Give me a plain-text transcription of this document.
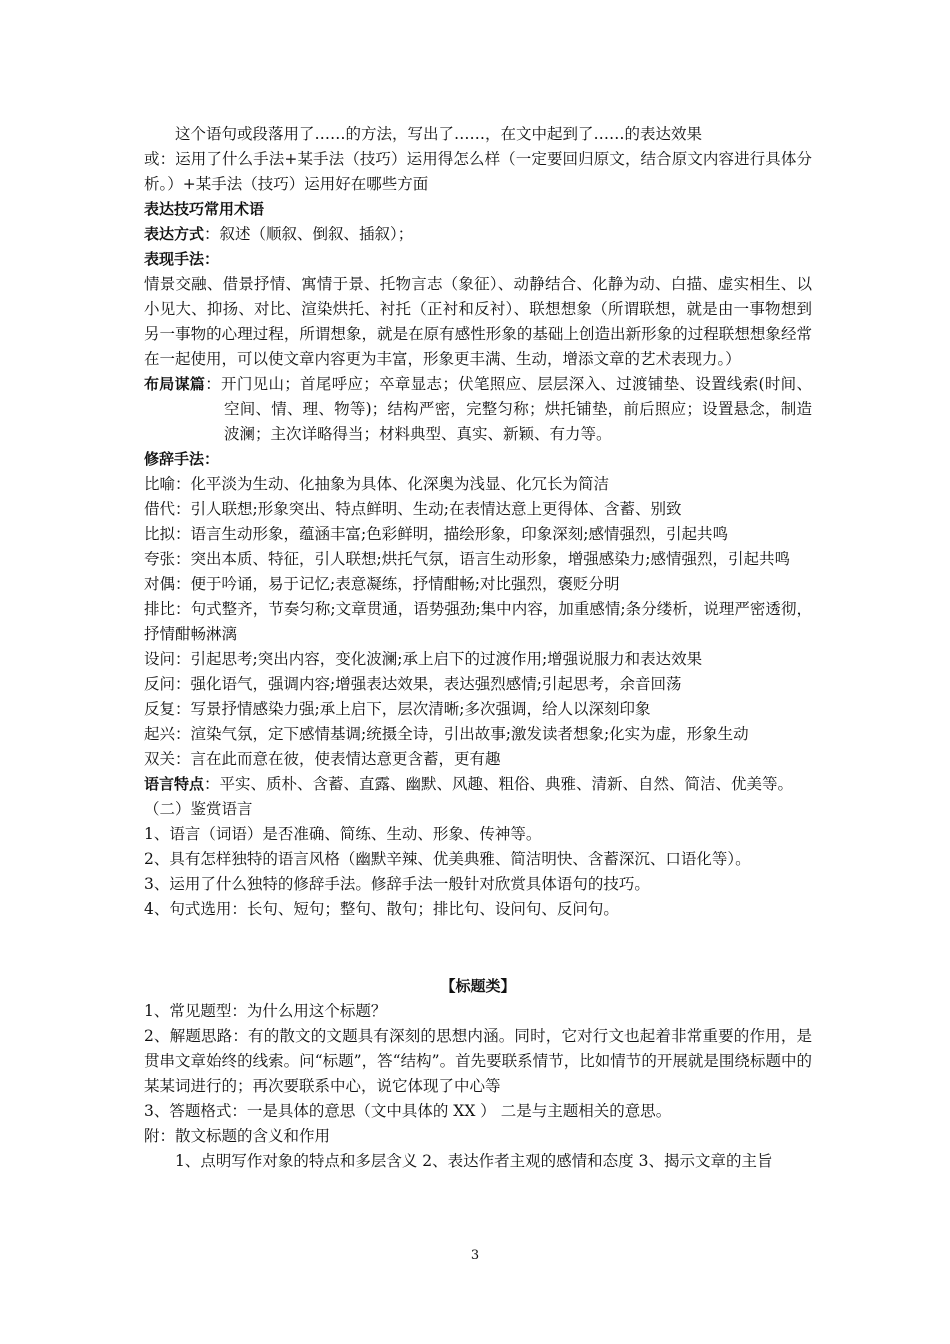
这个语句或段落用了……的方法，写出了……，在文中起到了……的表达效果

或：运用了什么手法+某手法（技巧）运用得怎么样（一定要回归原文，结合原文内容进行具体分析。）+某手法（技巧）运用好在哪些方面

表达技巧常用术语

表达方式：叙述（顺叙、倒叙、插叙）；

表现手法：

情景交融、借景抒情、寓情于景、托物言志（象征）、动静结合、化静为动、白描、虚实相生、以小见大、抑扬、对比、渲染烘托、衬托（正衬和反衬）、联想想象（所谓联想，就是由一事物想到另一事物的心理过程，所谓想象，就是在原有感性形象的基础上创造出新形象的过程联想想象经常在一起使用，可以使文章内容更为丰富，形象更丰满、生动，增添文章的艺术表现力。）

布局谋篇：开门见山；首尾呼应；卒章显志；伏笔照应、层层深入、过渡铺垫、设置线索(时间、空间、情、理、物等)；结构严密，完整匀称；烘托铺垫，前后照应；设置悬念，制造波澜；主次详略得当；材料典型、真实、新颖、有力等。

修辞手法：

比喻：化平淡为生动、化抽象为具体、化深奥为浅显、化冗长为简洁

借代：引人联想;形象突出、特点鲜明、生动;在表情达意上更得体、含蓄、别致

比拟：语言生动形象，蕴涵丰富;色彩鲜明，描绘形象，印象深刻;感情强烈，引起共鸣

夸张：突出本质、特征，引人联想;烘托气氛，语言生动形象，增强感染力;感情强烈，引起共鸣

对偶：便于吟诵，易于记忆;表意凝练，抒情酣畅;对比强烈，褒贬分明

排比：句式整齐，节奏匀称;文章贯通，语势强劲;集中内容，加重感情;条分缕析，说理严密透彻，抒情酣畅淋漓

设问：引起思考;突出内容，变化波澜;承上启下的过渡作用;增强说服力和表达效果

反问：强化语气，强调内容;增强表达效果，表达强烈感情;引起思考，余音回荡

反复：写景抒情感染力强;承上启下，层次清晰;多次强调，给人以深刻印象

起兴：渲染气氛，定下感情基调;统摄全诗，引出故事;激发读者想象;化实为虚，形象生动

双关：言在此而意在彼，使表情达意更含蓄，更有趣

语言特点：平实、质朴、含蓄、直露、幽默、风趣、粗俗、典雅、清新、自然、简洁、优美等。

（二）鉴赏语言

1、语言（词语）是否准确、简练、生动、形象、传神等。

2、具有怎样独特的语言风格（幽默辛辣、优美典雅、简洁明快、含蓄深沉、口语化等）。

3、运用了什么独特的修辞手法。修辞手法一般针对欣赏具体语句的技巧。

4、句式选用：长句、短句；整句、散句；排比句、设问句、反问句。

【标题类】

1、常见题型：为什么用这个标题？

2、解题思路：有的散文的文题具有深刻的思想内涵。同时，它对行文也起着非常重要的作用，是贯串文章始终的线索。问“标题”，答“结构”。首先要联系情节，比如情节的开展就是围绕标题中的某某词进行的；再次要联系中心，说它体现了中心等

3、答题格式：一是具体的意思（文中具体的 XX ） 二是与主题相关的意思。

附：散文标题的含义和作用

1、点明写作对象的特点和多层含义 2、表达作者主观的感情和态度 3、揭示文章的主旨

3
